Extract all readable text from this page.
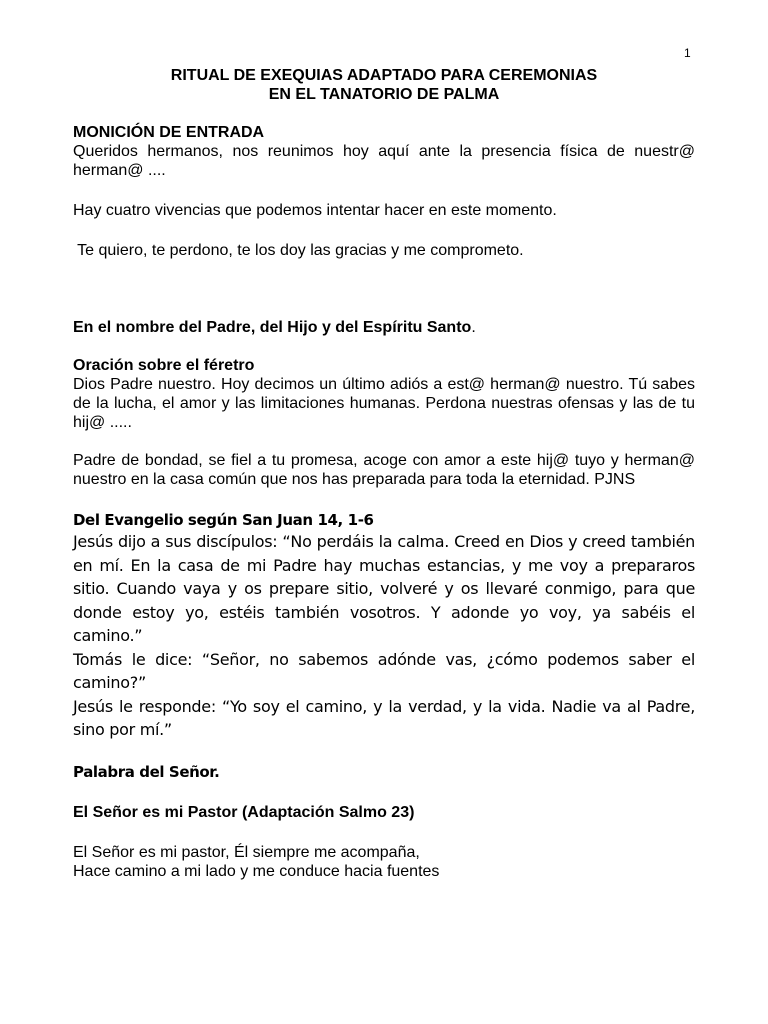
1
RITUAL DE EXEQUIAS ADAPTADO PARA CEREMONIAS
EN EL TANATORIO DE PALMA
MONICIÓN DE ENTRADA

Queridos hermanos, nos reunimos hoy aquí ante la presencia física de nuestr@ herman@ ....

Hay cuatro vivencias que podemos intentar hacer en este momento.

Te quiero, te perdono, te los doy las gracias y me comprometo.

En el nombre del Padre, del Hijo y del Espíritu Santo.

Oración sobre el féretro

Dios Padre nuestro. Hoy decimos un último adiós a est@ herman@ nuestro. Tú sabes de la lucha, el amor y las limitaciones humanas. Perdona nuestras ofensas y las de tu hij@ .....

Padre de bondad, se fiel a tu promesa, acoge con amor a este hij@ tuyo y herman@ nuestro en la casa común que nos has preparada para toda la eternidad. PJNS

Del Evangelio según San Juan 14, 1-6

Jesús dijo a sus discípulos: “No perdáis la calma. Creed en Dios y creed también en mí. En la casa de mi Padre hay muchas estancias, y me voy a prepararos sitio. Cuando vaya y os prepare sitio, volveré y os llevaré conmigo, para que donde estoy yo, estéis también vosotros. Y adonde yo voy, ya sabéis el camino.”

Tomás le dice: “Señor, no sabemos adónde vas, ¿cómo podemos saber el camino?”

Jesús le responde: “Yo soy el camino, y la verdad, y la vida. Nadie va al Padre, sino por mí.”

Palabra del Señor.
El Señor es mi Pastor (Adaptación Salmo 23)

El Señor es mi pastor, Él siempre me acompaña,

Hace camino a mi lado y me conduce hacia fuentes
